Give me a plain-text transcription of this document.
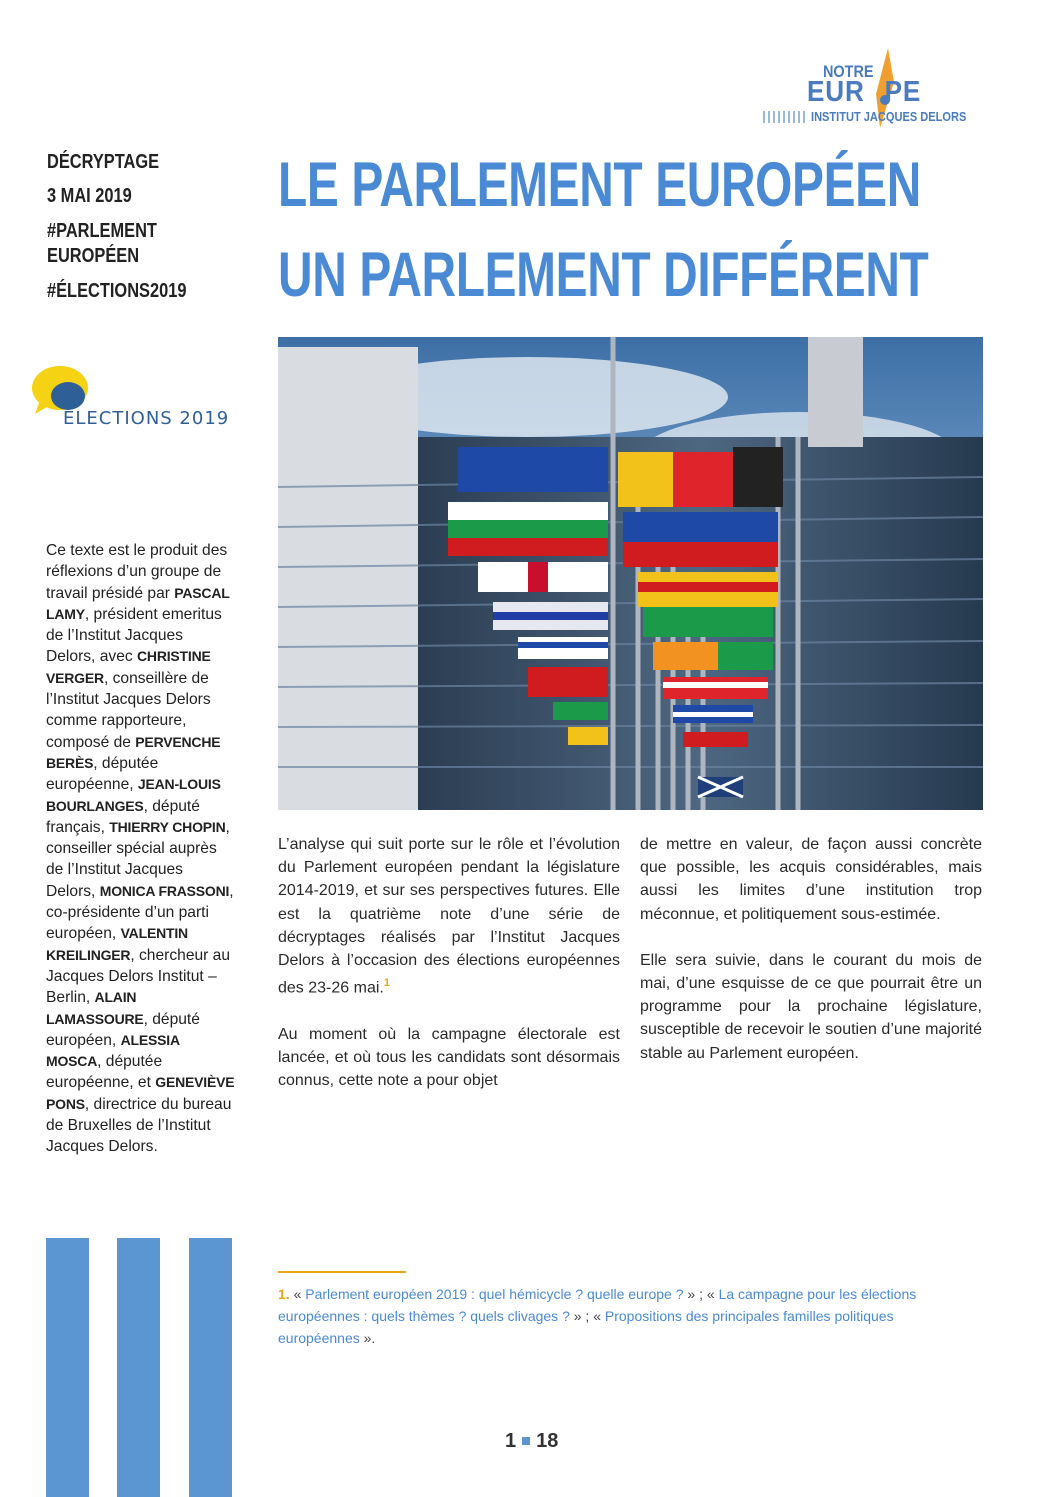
NOTRE
EUR PE
INSTITUT JACQUES DELORS
DÉCRYPTAGE
3 MAI 2019
#PARLEMENT
EUROPÉEN
#ÉLECTIONS2019
LE PARLEMENT EUROPÉEN
UN PARLEMENT DIFFÉRENT
ÉLECTIONS 2019
Ce texte est le produit des réflexions d’un groupe de travail présidé par PASCAL LAMY, président emeritus de l’Institut Jacques Delors, avec CHRISTINE VERGER, conseillère de l’Institut Jacques Delors comme rapporteure, composé de PERVENCHE BERÈS, députée européenne, JEAN-LOUIS BOURLANGES, député français, THIERRY CHOPIN, conseiller spécial auprès de l’Institut Jacques Delors, MONICA FRASSONI, co-présidente d’un parti européen, VALENTIN KREILINGER, chercheur au Jacques Delors Institut – Berlin, ALAIN LAMASSOURE, député européen, ALESSIA MOSCA, députée européenne, et GENEVIÈVE PONS, directrice du bureau de Bruxelles de l’Institut Jacques Delors.

L’analyse qui suit porte sur le rôle et l’évolution du Parlement européen pendant la législature 2014-2019, et sur ses perspectives futures. Elle est la quatrième note d’une série de décryptages réalisés par l’Institut Jacques Delors à l’occasion des élections européennes des 23-26 mai.$^1$

Au moment où la campagne électorale est lancée, et où tous les candidats sont désormais connus, cette note a pour objet

de mettre en valeur, de façon aussi concrète que possible, les acquis considérables, mais aussi les limites d’une institution trop méconnue, et politiquement sous-estimée.

Elle sera suivie, dans le courant du mois de mai, d’une esquisse de ce que pourrait être un programme pour la prochaine législature, susceptible de recevoir le soutien d’une majorité stable au Parlement européen.

1. « Parlement européen 2019 : quel hémicycle ? quelle europe ? » ; « La campagne pour les élections européennes : quels thèmes ? quels clivages ? » ; « Propositions des principales familles politiques européennes ».
1 18
